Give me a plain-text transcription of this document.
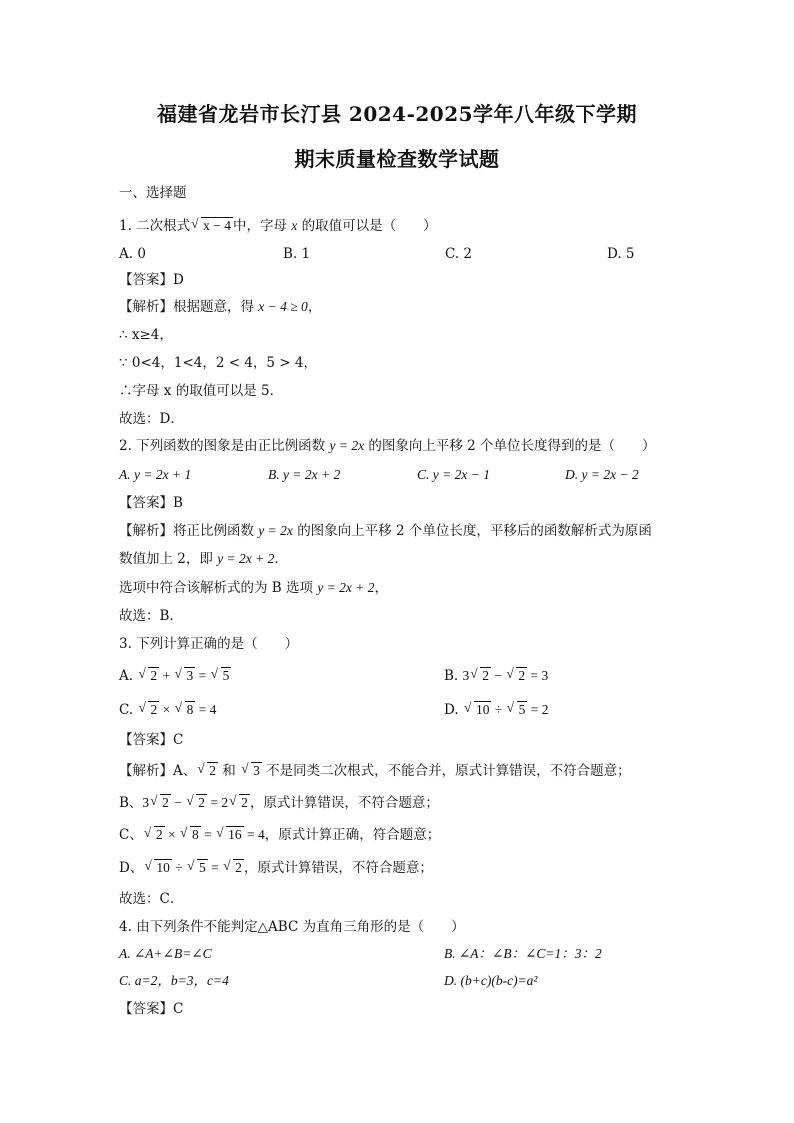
福建省龙岩市长汀县 2024-2025学年八年级下学期
期末质量检查数学试题
一、选择题
1. 二次根式 √ x − 4 中，字母 x 的取值可以是（　　）
A. 0	B. 1	C. 2	D. 5
【答案】D
【解析】根据题意，得 x − 4 ≥ 0，
∴ x≥4，
∵ 0<4，1<4，2 < 4，5 > 4，
∴字母 x 的取值可以是 5．
故选：D．
2. 下列函数的图象是由正比例函数 y = 2x 的图象向上平移 2 个单位长度得到的是（　　）
A. y = 2x + 1	B. y = 2x + 2	C. y = 2x − 1	D. y = 2x − 2
【答案】B
【解析】将正比例函数 y = 2x 的图象向上平移 2 个单位长度，平移后的函数解析式为原函
数值加上 2，即 y = 2x + 2．
选项中符合该解析式的为 B 选项 y = 2x + 2，
故选：B．
3. 下列计算正确的是（　　）
A. √ 2 + √ 3 = √ 5	B. 3 √ 2 − √ 2 = 3
C. √ 2 × √ 8 = 4	D. √ 10 ÷ √ 5 = 2
【答案】C
【解析】A、 √ 2 和 √ 3 不是同类二次根式，不能合并，原式计算错误，不符合题意；
B、3 √ 2 − √ 2 = 2 √ 2 ，原式计算错误，不符合题意；
C、 √ 2 × √ 8 = √ 16 = 4，原式计算正确，符合题意；
D、 √ 10 ÷ √ 5 = √ 2 ，原式计算错误，不符合题意；
故选：C．
4. 由下列条件不能判定△ABC 为直角三角形的是（　　）
A. ∠A+∠B=∠C	B. ∠A：∠B：∠C=1：3：2
C. a=2，b=3，c=4	D. (b+c)(b-c)=a²
【答案】C
